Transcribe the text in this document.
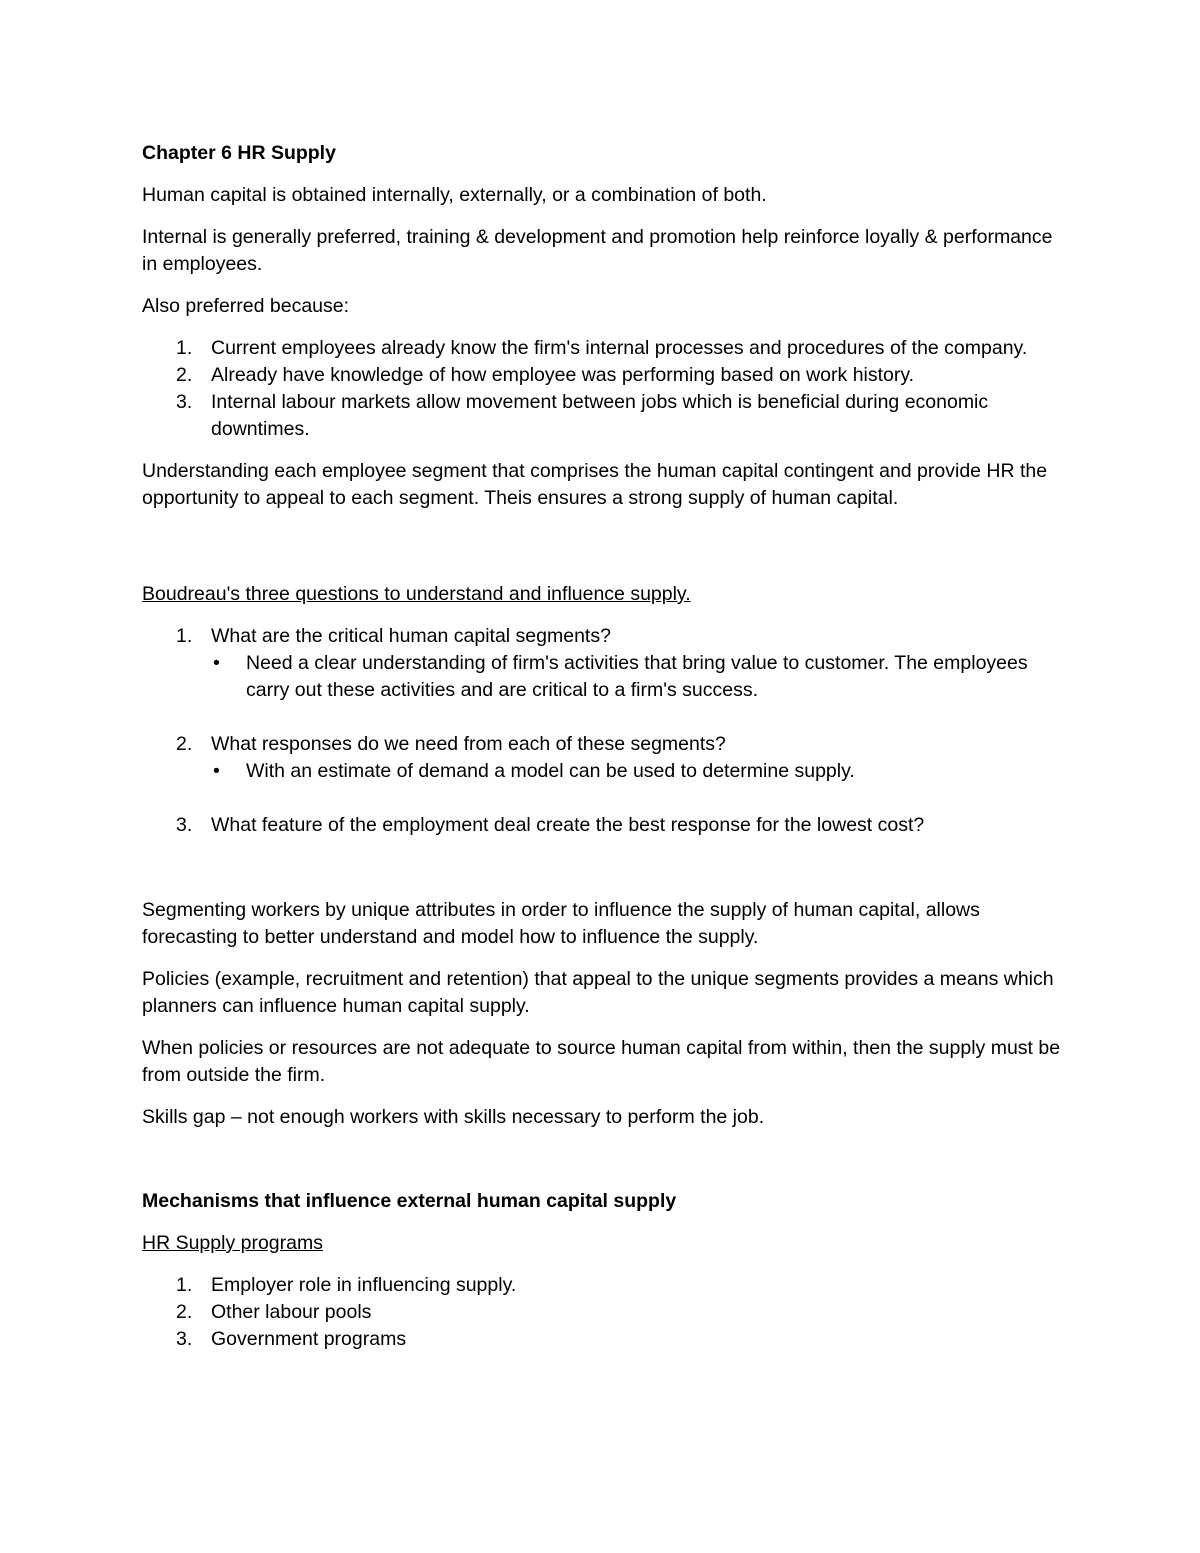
Chapter 6 HR Supply

Human capital is obtained internally, externally, or a combination of both.

Internal is generally preferred, training & development and promotion help reinforce loyally & performance in employees.

Also preferred because:

1. Current employees already know the firm's internal processes and procedures of the company.
2. Already have knowledge of how employee was performing based on work history.
3. Internal labour markets allow movement between jobs which is beneficial during economic downtimes.

Understanding each employee segment that comprises the human capital contingent and provide HR the opportunity to appeal to each segment. Theis ensures a strong supply of human capital.

Boudreau's three questions to understand and influence supply.

1. What are the critical human capital segments?
• Need a clear understanding of firm's activities that bring value to customer. The employees carry out these activities and are critical to a firm's success.
2. What responses do we need from each of these segments?
• With an estimate of demand a model can be used to determine supply.
3. What feature of the employment deal create the best response for the lowest cost?

Segmenting workers by unique attributes in order to influence the supply of human capital, allows forecasting to better understand and model how to influence the supply.

Policies (example, recruitment and retention) that appeal to the unique segments provides a means which planners can influence human capital supply.

When policies or resources are not adequate to source human capital from within, then the supply must be from outside the firm.

Skills gap – not enough workers with skills necessary to perform the job.

Mechanisms that influence external human capital supply

HR Supply programs

1. Employer role in influencing supply.
2. Other labour pools
3. Government programs
